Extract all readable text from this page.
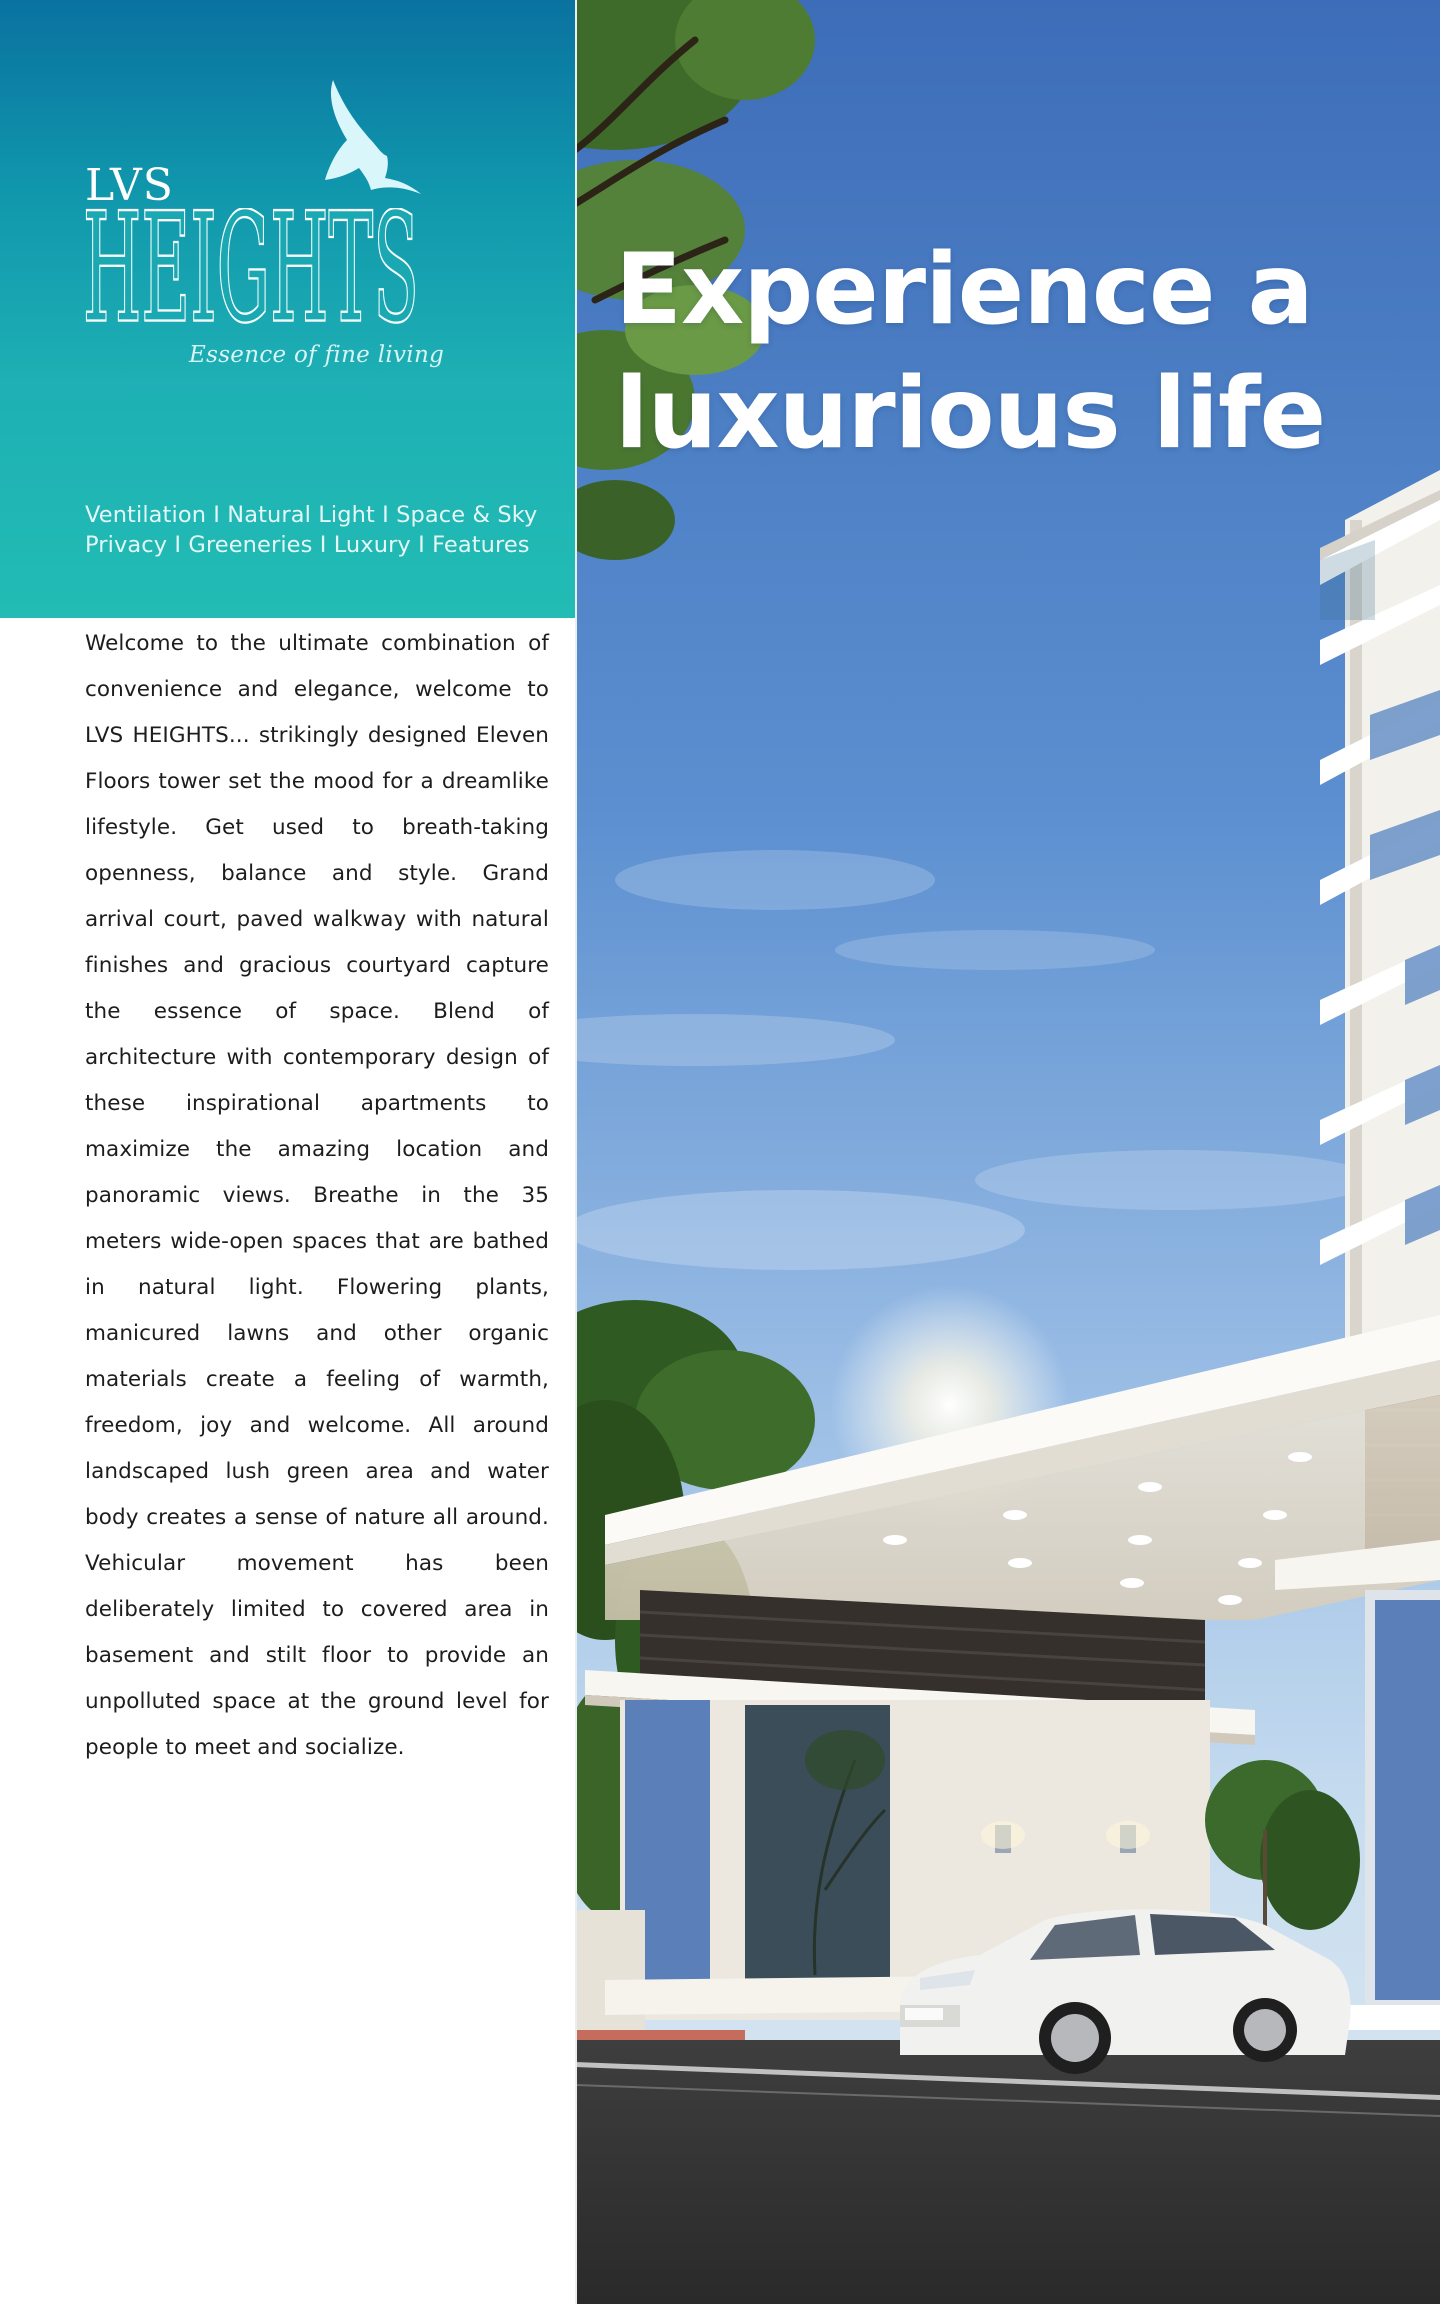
LVS
HEIGHTS
HEIGHTS
Essence of fine living
Ventilation I Natural Light I Space & Sky
Privacy I Greeneries I Luxury I Features

Welcome to the ultimate combination of convenience and elegance, welcome to LVS HEIGHTS... strikingly designed Eleven Floors tower set the mood for a dreamlike lifestyle. Get used to breath-taking openness, balance and style. Grand arrival court, paved walkway with natural finishes and gracious courtyard capture the essence of space. Blend of architecture with contemporary design of these inspirational apartments to maximize the amazing location and panoramic views. Breathe in the 35 meters wide-open spaces that are bathed in natural light. Flowering plants, manicured lawns and other organic materials create a feeling of warmth, freedom, joy and welcome. All around landscaped lush green area and water body creates a sense of nature all around. Vehicular movement has been deliberately limited to covered area in basement and stilt floor to provide an unpolluted space at the ground level for people to meet and socialize.

Experience a
luxurious life
